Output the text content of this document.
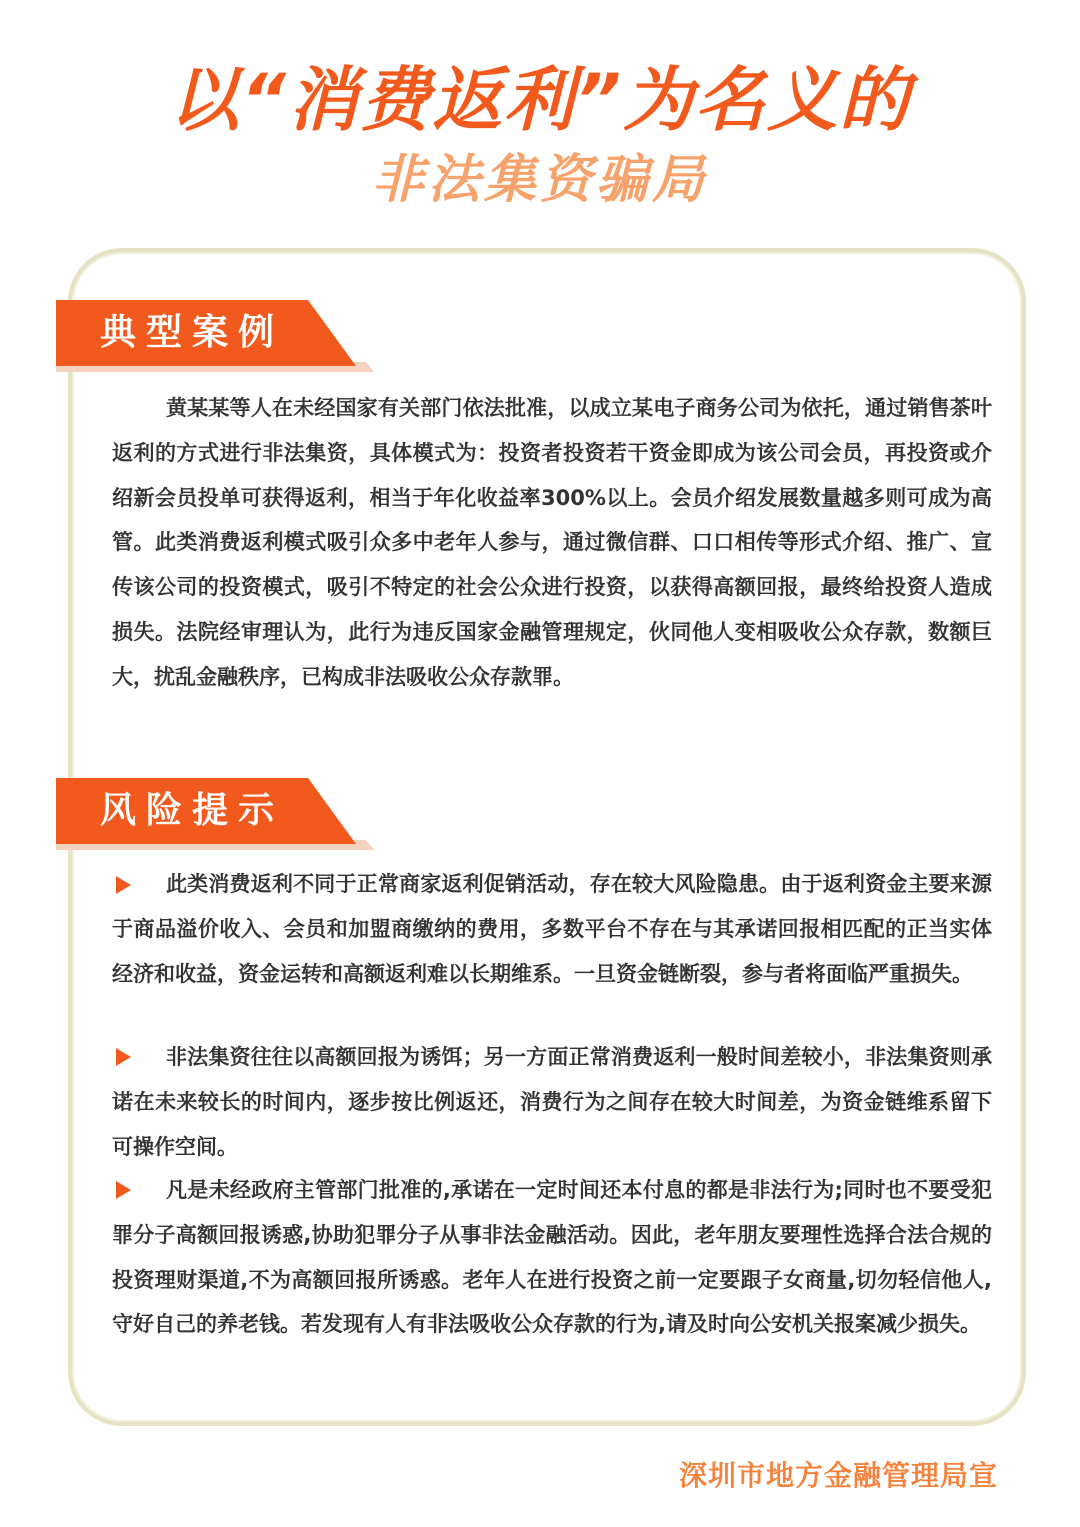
以“消费返利”为名义的
非法集资骗局
典型案例
黄某某等人在未经国家有关部门依法批准，以成立某电子商务公司为依托，通过销售茶叶返利的方式进行非法集资，具体模式为：投资者投资若干资金即成为该公司会员，再投资或介绍新会员投单可获得返利，相当于年化收益率300%以上。会员介绍发展数量越多则可成为高管。此类消费返利模式吸引众多中老年人参与，通过微信群、口口相传等形式介绍、推广、宣传该公司的投资模式，吸引不特定的社会公众进行投资，以获得高额回报，最终给投资人造成损失。法院经审理认为，此行为违反国家金融管理规定，伙同他人变相吸收公众存款，数额巨大，扰乱金融秩序，已构成非法吸收公众存款罪。
风险提示
此类消费返利不同于正常商家返利促销活动，存在较大风险隐患。由于返利资金主要来源于商品溢价收入、会员和加盟商缴纳的费用，多数平台不存在与其承诺回报相匹配的正当实体经济和收益，资金运转和高额返利难以长期维系。一旦资金链断裂，参与者将面临严重损失。
非法集资往往以高额回报为诱饵；另一方面正常消费返利一般时间差较小，非法集资则承诺在未来较长的时间内，逐步按比例返还，消费行为之间存在较大时间差，为资金链维系留下可操作空间。
凡是未经政府主管部门批准的,承诺在一定时间还本付息的都是非法行为;同时也不要受犯罪分子高额回报诱惑,协助犯罪分子从事非法金融活动。因此，老年朋友要理性选择合法合规的投资理财渠道,不为高额回报所诱惑。老年人在进行投资之前一定要跟子女商量,切勿轻信他人,守好自己的养老钱。若发现有人有非法吸收公众存款的行为,请及时向公安机关报案减少损失。
深圳市地方金融管理局宣
